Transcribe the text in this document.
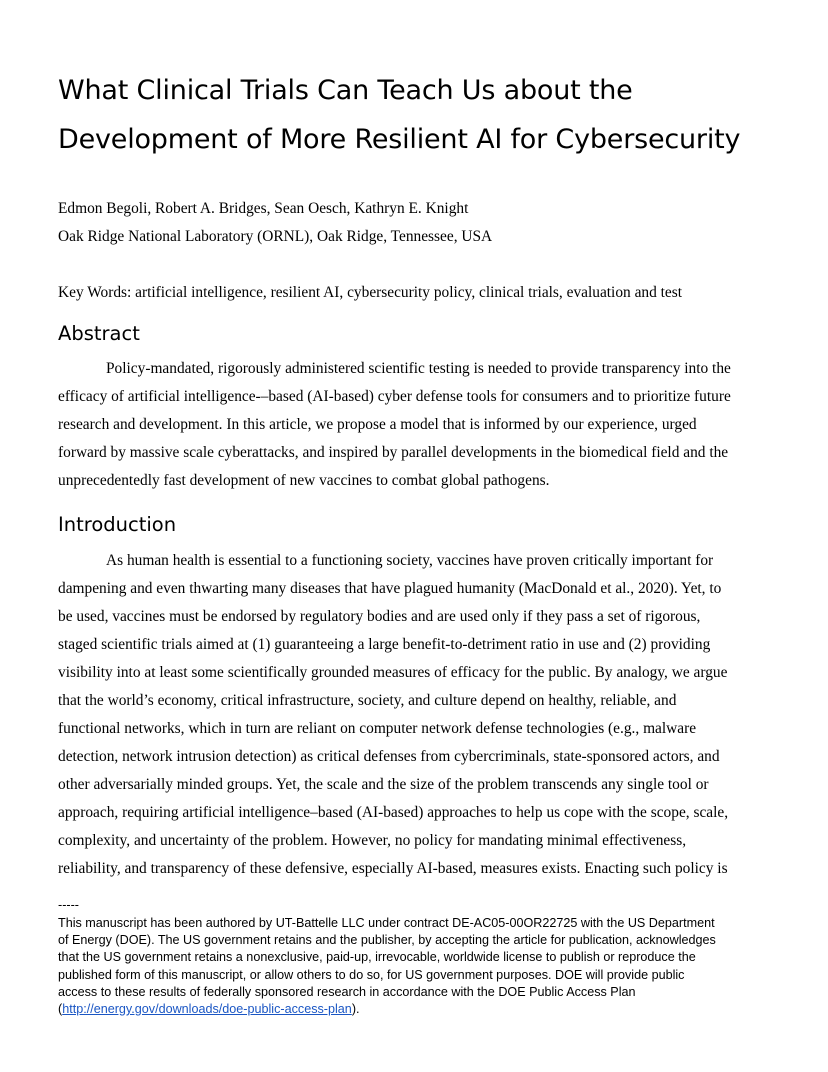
What Clinical Trials Can Teach Us about the
Development of More Resilient AI for Cybersecurity
Edmon Begoli, Robert A. Bridges, Sean Oesch, Kathryn E. Knight
Oak Ridge National Laboratory (ORNL), Oak Ridge, Tennessee, USA
Key Words: artificial intelligence, resilient AI, cybersecurity policy, clinical trials, evaluation and test
Abstract

Policy-mandated, rigorously administered scientific testing is needed to provide transparency into the
efficacy of artificial intelligence-–based (AI-based) cyber defense tools for consumers and to prioritize future
research and development. In this article, we propose a model that is informed by our experience, urged
forward by massive scale cyberattacks, and inspired by parallel developments in the biomedical field and the
unprecedentedly fast development of new vaccines to combat global pathogens.

Introduction

As human health is essential to a functioning society, vaccines have proven critically important for
dampening and even thwarting many diseases that have plagued humanity (MacDonald et al., 2020). Yet, to
be used, vaccines must be endorsed by regulatory bodies and are used only if they pass a set of rigorous,
staged scientific trials aimed at (1) guaranteeing a large benefit-to-detriment ratio in use and (2) providing
visibility into at least some scientifically grounded measures of efficacy for the public. By analogy, we argue
that the world’s economy, critical infrastructure, society, and culture depend on healthy, reliable, and
functional networks, which in turn are reliant on computer network defense technologies (e.g., malware
detection, network intrusion detection) as critical defenses from cybercriminals, state-sponsored actors, and
other adversarially minded groups. Yet, the scale and the size of the problem transcends any single tool or
approach, requiring artificial intelligence–based (AI-based) approaches to help us cope with the scope, scale,
complexity, and uncertainty of the problem. However, no policy for mandating minimal effectiveness,
reliability, and transparency of these defensive, especially AI-based, measures exists. Enacting such policy is

-----

This manuscript has been authored by UT-Battelle LLC under contract DE-AC05-00OR22725 with the US Department
of Energy (DOE). The US government retains and the publisher, by accepting the article for publication, acknowledges
that the US government retains a nonexclusive, paid-up, irrevocable, worldwide license to publish or reproduce the
published form of this manuscript, or allow others to do so, for US government purposes. DOE will provide public
access to these results of federally sponsored research in accordance with the DOE Public Access Plan
(http://energy.gov/downloads/doe-public-access-plan).
